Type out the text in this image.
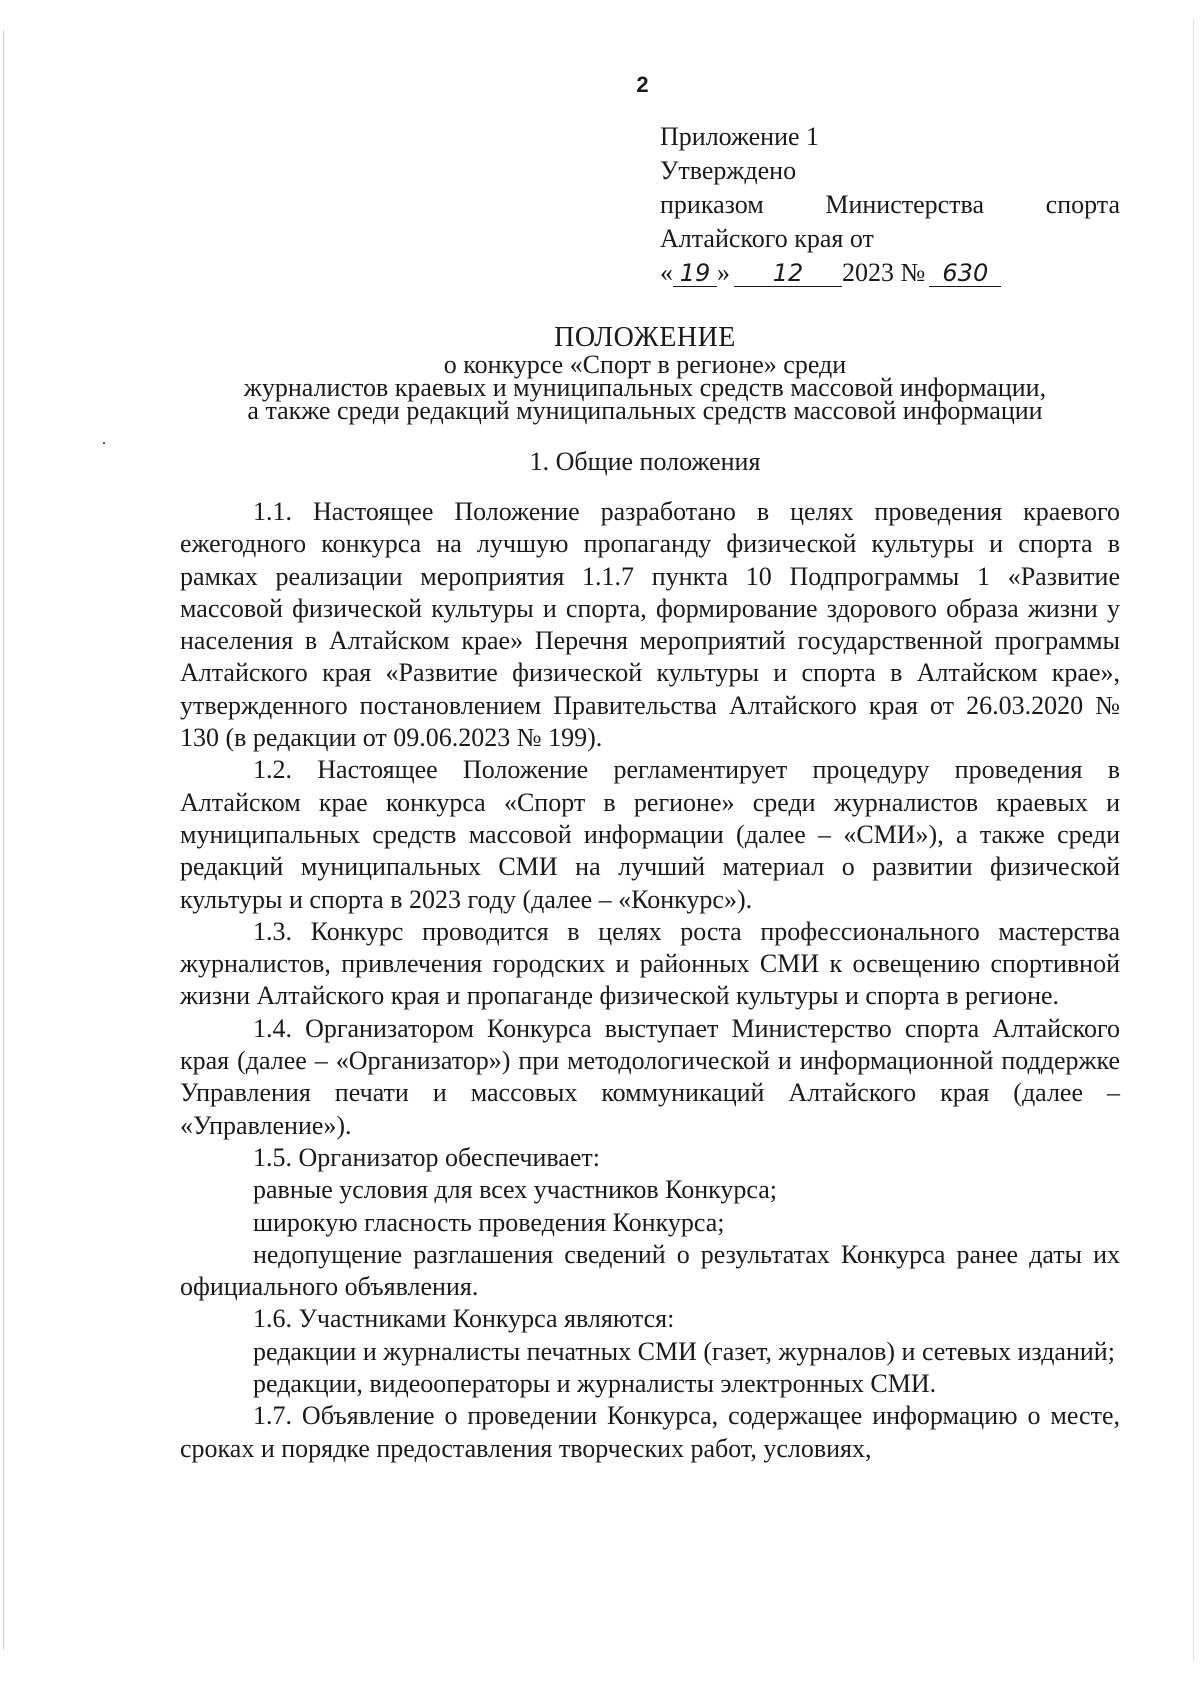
2
Приложение 1
Утверждено
приказом Министерства спорта
Алтайского края от
« 19 » 12 2023 № 630
ПОЛОЖЕНИЕ
о конкурсе «Спорт в регионе» среди
журналистов краевых и муниципальных средств массовой информации,
а также среди редакций муниципальных средств массовой информации
1. Общие положения

1.1. Настоящее Положение разработано в целях проведения краевого ежегодного конкурса на лучшую пропаганду физической культуры и спорта в рамках реализации мероприятия 1.1.7 пункта 10 Подпрограммы 1 «Развитие массовой физической культуры и спорта, формирование здорового образа жизни у населения в Алтайском крае» Перечня мероприятий государственной программы Алтайского края «Развитие физической культуры и спорта в Алтайском крае», утвержденного постановлением Правительства Алтайского края от 26.03.2020 № 130 (в редакции от 09.06.2023 № 199).

1.2. Настоящее Положение регламентирует процедуру проведения в Алтайском крае конкурса «Спорт в регионе» среди журналистов краевых и муниципальных средств массовой информации (далее – «СМИ»), а также среди редакций муниципальных СМИ на лучший материал о развитии физической культуры и спорта в 2023 году (далее – «Конкурс»).

1.3. Конкурс проводится в целях роста профессионального мастерства журналистов, привлечения городских и районных СМИ к освещению спортивной жизни Алтайского края и пропаганде физической культуры и спорта в регионе.

1.4. Организатором Конкурса выступает Министерство спорта Алтайского края (далее – «Организатор») при методологической и информационной поддержке Управления печати и массовых коммуникаций Алтайского края (далее – «Управление»).

1.5. Организатор обеспечивает:

равные условия для всех участников Конкурса;

широкую гласность проведения Конкурса;

недопущение разглашения сведений о результатах Конкурса ранее даты их официального объявления.

1.6. Участниками Конкурса являются:

редакции и журналисты печатных СМИ (газет, журналов) и сетевых изданий;

редакции, видеооператоры и журналисты электронных СМИ.

1.7. Объявление о проведении Конкурса, содержащее информацию о месте, сроках и порядке предоставления творческих работ, условиях,
